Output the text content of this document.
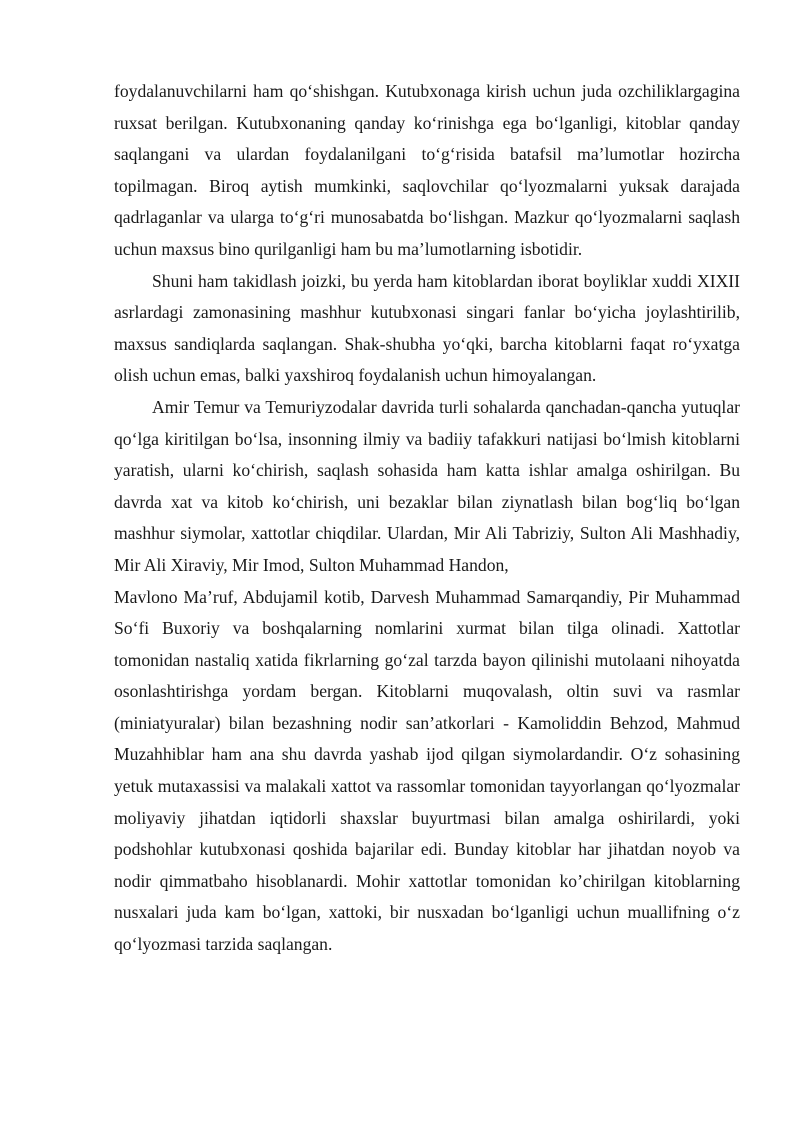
foydalanuvchilarni ham qo‘shishgan. Kutubxonaga kirish uchun juda ozchiliklargagina ruxsat berilgan. Kutubxonaning qanday ko‘rinishga ega bo‘lganligi, kitoblar qanday saqlangani va ulardan foydalanilgani to‘g‘risida batafsil ma’lumotlar hozircha topilmagan. Biroq aytish mumkinki, saqlovchilar qo‘lyozmalarni yuksak darajada qadrlaganlar va ularga to‘g‘ri munosabatda bo‘lishgan. Mazkur qo‘lyozmalarni saqlash uchun maxsus bino qurilganligi ham bu ma’lumotlarning isbotidir.

Shuni ham takidlash joizki, bu yerda ham kitoblardan iborat boyliklar xuddi XIXII asrlardagi zamonasining mashhur kutubxonasi singari fanlar bo‘yicha joylashtirilib, maxsus sandiqlarda saqlangan. Shak-shubha yo‘qki, barcha kitoblarni faqat ro‘yxatga olish uchun emas, balki yaxshiroq foydalanish uchun himoyalangan.

Amir Temur va Temuriyzodalar davrida turli sohalarda qanchadan-qancha yutuqlar qo‘lga kiritilgan bo‘lsa, insonning ilmiy va badiiy tafakkuri natijasi bo‘lmish kitoblarni yaratish, ularni ko‘chirish, saqlash sohasida ham katta ishlar amalga oshirilgan. Bu davrda xat va kitob ko‘chirish, uni bezaklar bilan ziynatlash bilan bog‘liq bo‘lgan mashhur siymolar, xattotlar chiqdilar. Ulardan, Mir Ali Tabriziy, Sulton Ali Mashhadiy, Mir Ali Xiraviy, Mir Imod, Sulton Muhammad Handon,

Mavlono Ma’ruf, Abdujamil kotib, Darvesh Muhammad Samarqandiy, Pir Muhammad So‘fi Buxoriy va boshqalarning nomlarini xurmat bilan tilga olinadi. Xattotlar tomonidan nastaliq xatida fikrlarning go‘zal tarzda bayon qilinishi mutolaani nihoyatda osonlashtirishga yordam bergan. Kitoblarni muqovalash, oltin suvi va rasmlar (miniatyuralar) bilan bezashning nodir san’atkorlari - Kamoliddin Behzod, Mahmud Muzahhiblar ham ana shu davrda yashab ijod qilgan siymolardandir. O‘z sohasining yetuk mutaxassisi va malakali xattot va rassomlar tomonidan tayyorlangan qo‘lyozmalar moliyaviy jihatdan iqtidorli shaxslar buyurtmasi bilan amalga oshirilardi, yoki podshohlar kutubxonasi qoshida bajarilar edi. Bunday kitoblar har jihatdan noyob va nodir qimmatbaho hisoblanardi. Mohir xattotlar tomonidan ko’chirilgan kitoblarning nusxalari juda kam bo‘lgan, xattoki, bir nusxadan bo‘lganligi uchun muallifning o‘z qo‘lyozmasi tarzida saqlangan.
